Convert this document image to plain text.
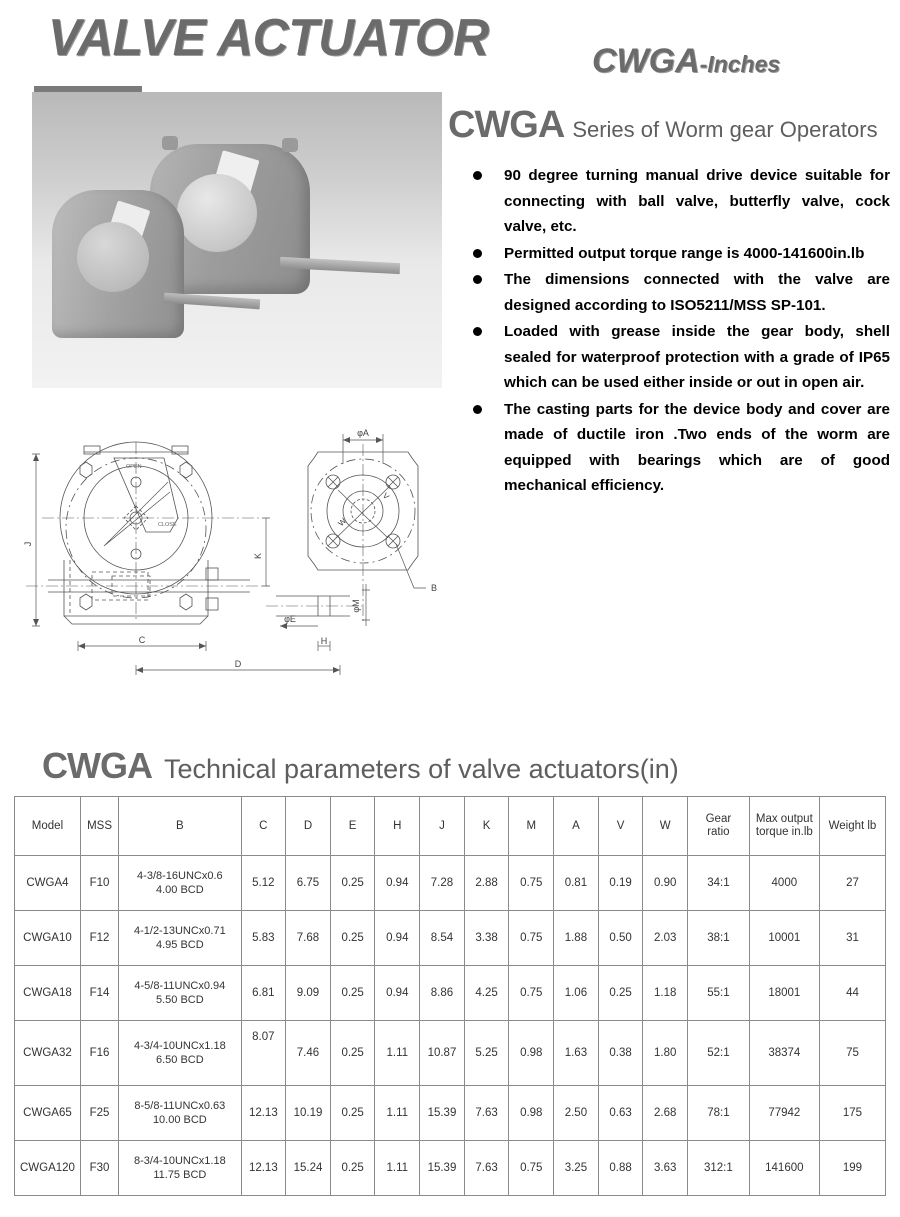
VALVE ACTUATOR	CWGA-Inches
CWGA Series of Worm gear Operators
90 degree turning manual drive device suitable for connecting with ball valve, butterfly valve, cock valve, etc.
Permitted output torque range is 4000-141600in.lb
The dimensions connected with the valve are designed according to ISO5211/MSS SP-101.
Loaded with grease inside the gear body, shell sealed for waterproof protection with a grade of IP65 which can be used either inside or out in open air.
The casting parts for the device body and cover are made of ductile iron .Two ends of the worm are equipped with bearings which are of good mechanical efficiency.
J
K
C
D
φA
φM
φE
H
B
V
W
OPEN
CLOSE
CWGA Technical parameters of valve actuators(in)
Model	MSS	B	C	D	E	H	J	K	M	A	V	W	Gear
ratio	Max output
torque in.lb	Weight lb
CWGA4	F10	4-3/8-16UNCx0.6
4.00 BCD	5.12	6.75	0.25	0.94	7.28	2.88	0.75	0.81	0.19	0.90	34:1	4000	27
CWGA10	F12	4-1/2-13UNCx0.71
4.95 BCD	5.83	7.68	0.25	0.94	8.54	3.38	0.75	1.88	0.50	2.03	38:1	10001	31
CWGA18	F14	4-5/8-11UNCx0.94
5.50 BCD	6.81	9.09	0.25	0.94	8.86	4.25	0.75	1.06	0.25	1.18	55:1	18001	44
CWGA32	F16	4-3/4-10UNCx1.18
6.50 BCD	8.07	7.46	0.25	1.11	10.87	5.25	0.98	1.63	0.38	1.80	52:1	38374	75
CWGA65	F25	8-5/8-11UNCx0.63
10.00 BCD	12.13	10.19	0.25	1.11	15.39	7.63	0.98	2.50	0.63	2.68	78:1	77942	175
CWGA120	F30	8-3/4-10UNCx1.18
11.75 BCD	12.13	15.24	0.25	1.11	15.39	7.63	0.75	3.25	0.88	3.63	312:1	141600	199
